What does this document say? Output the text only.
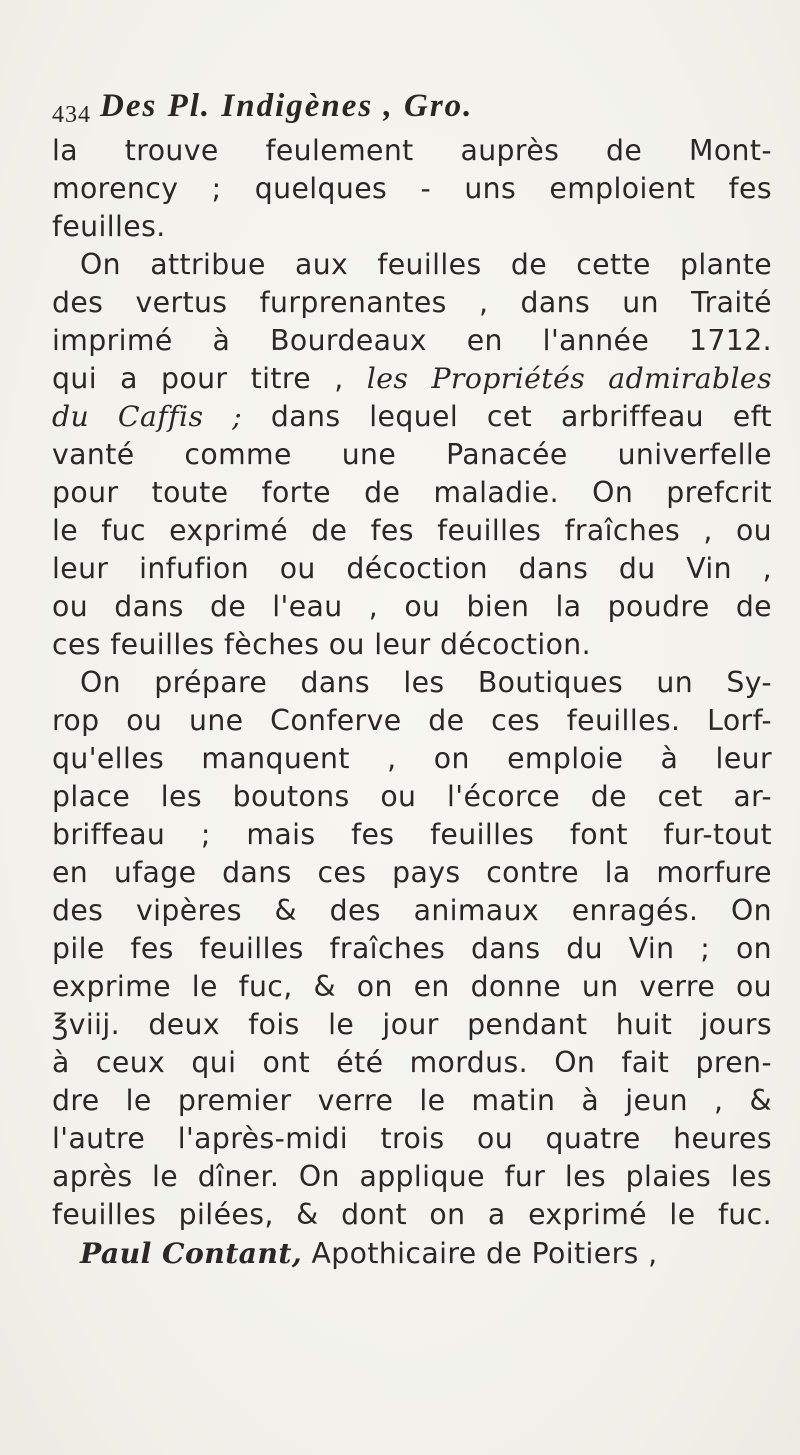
434 Des Pl. Indigènes , Gro.
la trouve feulement auprès de Mont-
morency ; quelques - uns emploient fes
feuilles.
On attribue aux feuilles de cette plante
des vertus furprenantes , dans un Traité
imprimé à Bourdeaux en l'année 1712.
qui a pour titre , les Propriétés admirables
du Caffis ; dans lequel cet arbriffeau eft
vanté comme une Panacée univerfelle
pour toute forte de maladie. On prefcrit
le fuc exprimé de fes feuilles fraîches , ou
leur infufion ou décoction dans du Vin ,
ou dans de l'eau , ou bien la poudre de
ces feuilles fèches ou leur décoction.
On prépare dans les Boutiques un Sy-
rop ou une Conferve de ces feuilles. Lorf-
qu'elles manquent , on emploie à leur
place les boutons ou l'écorce de cet ar-
briffeau ; mais fes feuilles font fur-tout
en ufage dans ces pays contre la morfure
des vipères & des animaux enragés. On
pile fes feuilles fraîches dans du Vin ; on
exprime le fuc, & on en donne un verre ou
℥viij. deux fois le jour pendant huit jours
à ceux qui ont été mordus. On fait pren-
dre le premier verre le matin à jeun , &
l'autre l'après-midi trois ou quatre heures
après le dîner. On applique fur les plaies les
feuilles pilées, & dont on a exprimé le fuc.
Paul Contant, Apothicaire de Poitiers ,
